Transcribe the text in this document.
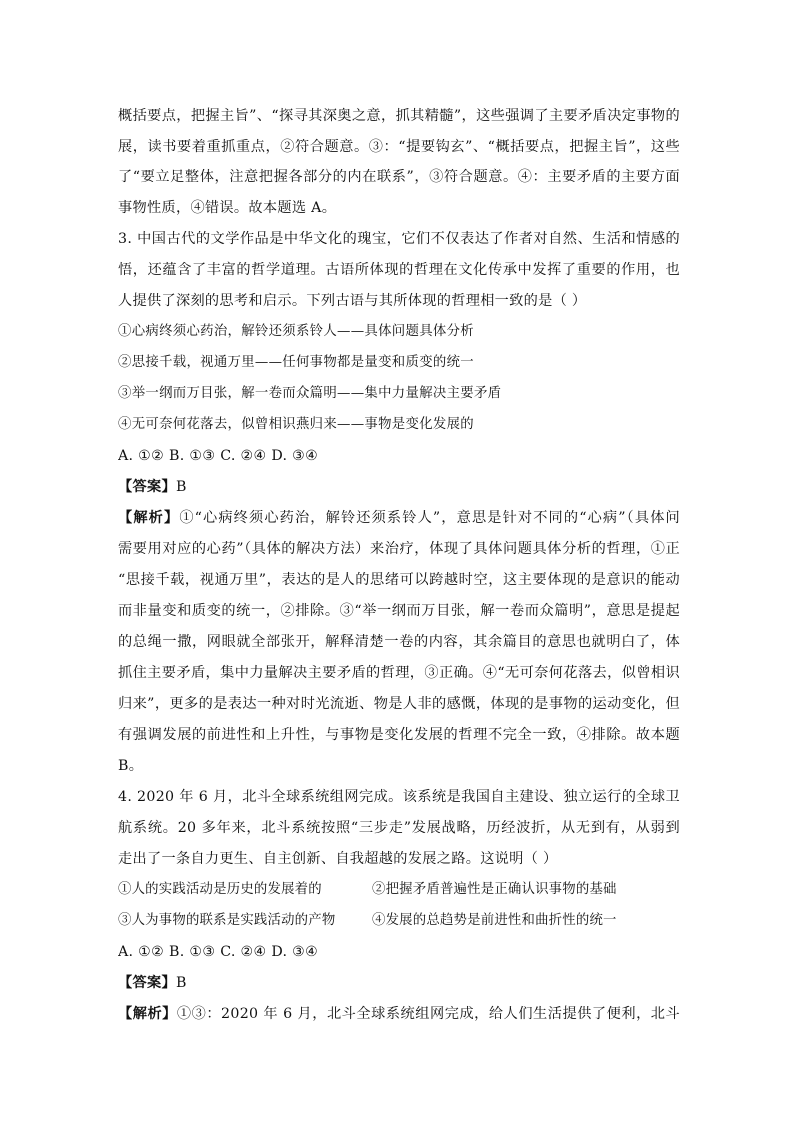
概括要点，把握主旨”、“探寻其深奥之意，抓其精髓”，这些强调了主要矛盾决定事物的
展，读书要着重抓重点，②符合题意。③：“提要钩玄”、“概括要点，把握主旨”，这些
了“要立足整体，注意把握各部分的内在联系”，③符合题意。④：主要矛盾的主要方面
事物性质，④错误。故本题选 A。
3. 中国古代的文学作品是中华文化的瑰宝，它们不仅表达了作者对自然、生活和情感的
悟，还蕴含了丰富的哲学道理。古语所体现的哲理在文化传承中发挥了重要的作用，也
人提供了深刻的思考和启示。下列古语与其所体现的哲理相一致的是（ ）
①心病终须心药治，解铃还须系铃人——具体问题具体分析
②思接千载，视通万里——任何事物都是量变和质变的统一
③举一纲而万目张，解一卷而众篇明——集中力量解决主要矛盾
④无可奈何花落去，似曾相识燕归来——事物是变化发展的
A. ①② B. ①③ C. ②④ D. ③④
【答案】B
【解析】①“心病终须心药治，解铃还须系铃人”，意思是针对不同的“心病”（具体问
需要用对应的心药”（具体的解决方法）来治疗，体现了具体问题具体分析的哲理，①正
“思接千载，视通万里”，表达的是人的思绪可以跨越时空，这主要体现的是意识的能动
而非量变和质变的统一，②排除。③“举一纲而万目张，解一卷而众篇明”，意思是提起
的总绳一撒，网眼就全部张开，解释清楚一卷的内容，其余篇目的意思也就明白了，体
抓住主要矛盾，集中力量解决主要矛盾的哲理，③正确。④“无可奈何花落去，似曾相识
归来”，更多的是表达一种对时光流逝、物是人非的感慨，体现的是事物的运动变化，但
有强调发展的前进性和上升性，与事物是变化发展的哲理不完全一致，④排除。故本题
B。
4. 2020 年 6 月，北斗全球系统组网完成。该系统是我国自主建设、独立运行的全球卫
航系统。20 多年来，北斗系统按照“三步走”发展战略，历经波折，从无到有，从弱到
走出了一条自力更生、自主创新、自我超越的发展之路。这说明（ ）
①人的实践活动是历史的发展着的	②把握矛盾普遍性是正确认识事物的基础
③人为事物的联系是实践活动的产物	④发展的总趋势是前进性和曲折性的统一
A. ①② B. ①③ C. ②④ D. ③④
【答案】B
【解析】①③：2020 年 6 月，北斗全球系统组网完成，给人们生活提供了便利，北斗
